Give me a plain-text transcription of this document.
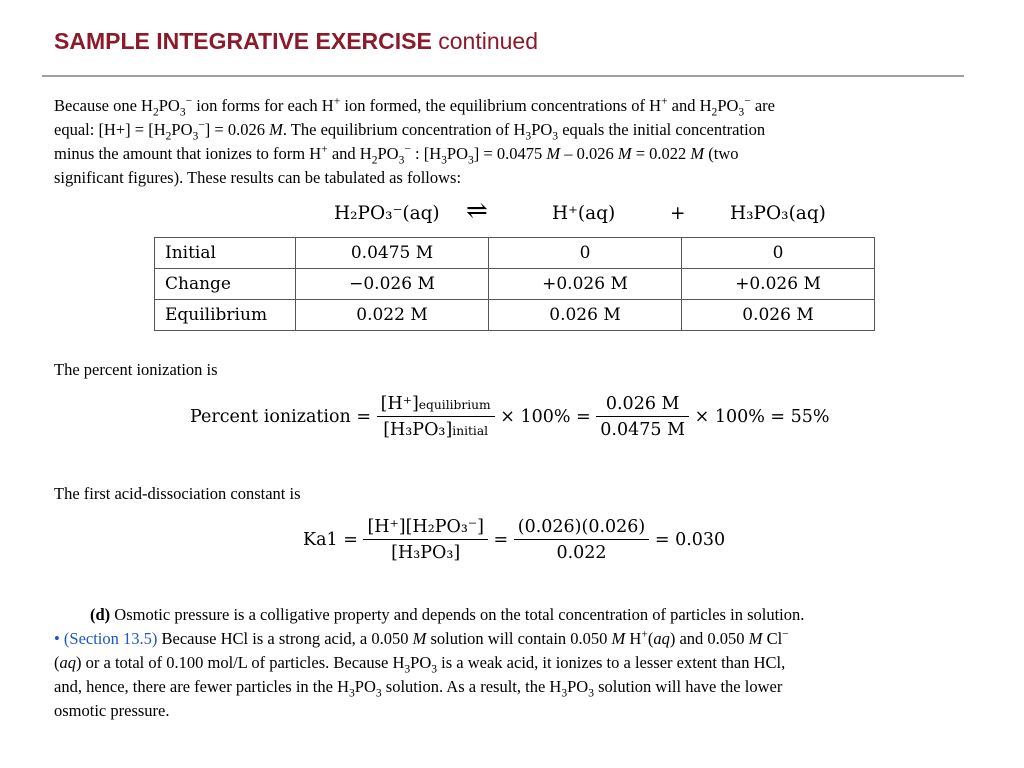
SAMPLE INTEGRATIVE EXERCISE continued
Because one $H_2PO_3^-$ ion forms for each H+ ion formed, the equilibrium concentrations of H+ and $H_2PO_3^-$ are
equal: $[H+] = [H_2PO_3^-] = 0.026$ M. The equilibrium concentration of $H_3PO_3$ equals the initial concentration
minus the amount that ionizes to form H+ and $H_2PO_3^-$ : $[H_3PO_3] = 0.0475$ M – 0.026 M = 0.022 M (two
significant figures). These results can be tabulated as follows:
H₂PO₃⁻(aq) ⇌	H⁺(aq)	+ H₃PO₃(aq)
Initial	0.0475 M	0	0
Change	−0.026 M	+0.026 M	+0.026 M
Equilibrium	0.022 M	0.026 M	0.026 M
The percent ionization is
Percent ionization = $\frac{\text{[H⁺]equilibrium}}{\text{[H₃PO₃]initial}} \times 100\% = \frac{0.026 M}{0.0475 M} \times 100\% = 55\%$
The first acid-dissociation constant is
$Ka1 = \frac{\text{[H⁺][H₂PO₃⁻]}}{\text{[H₃PO₃]}} = \frac{(0.026)(0.026)}{0.022} = 0.030$
(d) Osmotic pressure is a colligative property and depends on the total concentration of particles in solution.
• (Section 13.5) Because HCl is a strong acid, a 0.050 M solution will contain 0.050 M H+(aq) and 0.050 M Cl−
(aq) or a total of 0.100 mol/L of particles. Because $H_3PO_3$ is a weak acid, it ionizes to a lesser extent than HCl,
and, hence, there are fewer particles in the $H_3PO_3$ solution. As a result, the $H_3PO_3$ solution will have the lower
osmotic pressure.
